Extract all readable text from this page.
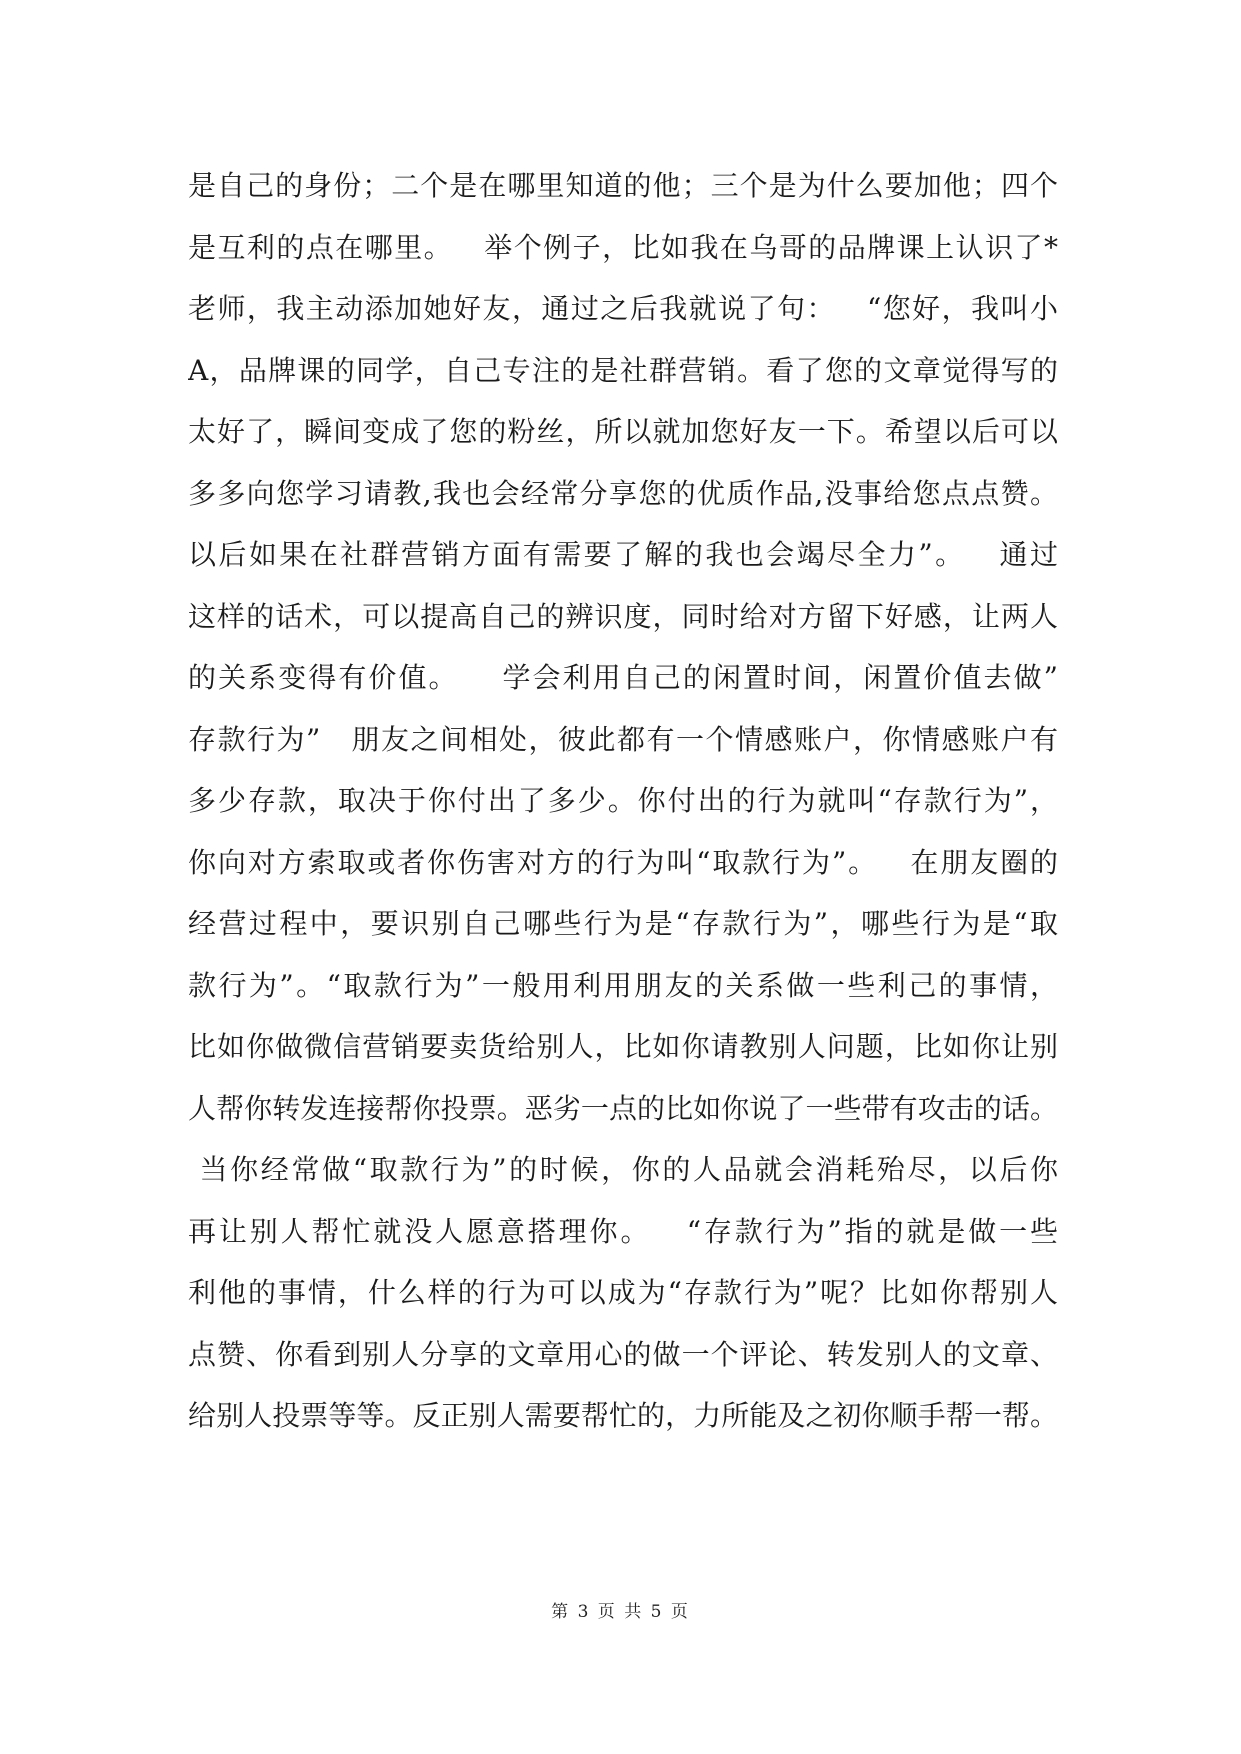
是自己的身份；二个是在哪里知道的他；三个是为什么要加他；四个
是互利的点在哪里。   举个例子，比如我在乌哥的品牌课上认识了*
老师，我主动添加她好友，通过之后我就说了句：   “您好，我叫小
A，品牌课的同学，自己专注的是社群营销。看了您的文章觉得写的
太好了，瞬间变成了您的粉丝，所以就加您好友一下。希望以后可以
多多向您学习请教,我也会经常分享您的优质作品,没事给您点点赞。
以后如果在社群营销方面有需要了解的我也会竭尽全力”。   通过
这样的话术，可以提高自己的辨识度，同时给对方留下好感，让两人
的关系变得有价值。    学会利用自己的闲置时间，闲置价值去做”
存款行为”   朋友之间相处，彼此都有一个情感账户，你情感账户有
多少存款，取决于你付出了多少。你付出的行为就叫“存款行为”，
你向对方索取或者你伤害对方的行为叫“取款行为”。   在朋友圈的
经营过程中，要识别自己哪些行为是“存款行为”，哪些行为是“取
款行为”。“取款行为”一般用利用朋友的关系做一些利己的事情，
比如你做微信营销要卖货给别人，比如你请教别人问题，比如你让别
人帮你转发连接帮你投票。恶劣一点的比如你说了一些带有攻击的话。
当你经常做“取款行为”的时候，你的人品就会消耗殆尽，以后你
再让别人帮忙就没人愿意搭理你。   “存款行为”指的就是做一些
利他的事情，什么样的行为可以成为“存款行为”呢？比如你帮别人
点赞、你看到别人分享的文章用心的做一个评论、转发别人的文章、
给别人投票等等。反正别人需要帮忙的，力所能及之初你顺手帮一帮。
第 3 页 共 5 页
